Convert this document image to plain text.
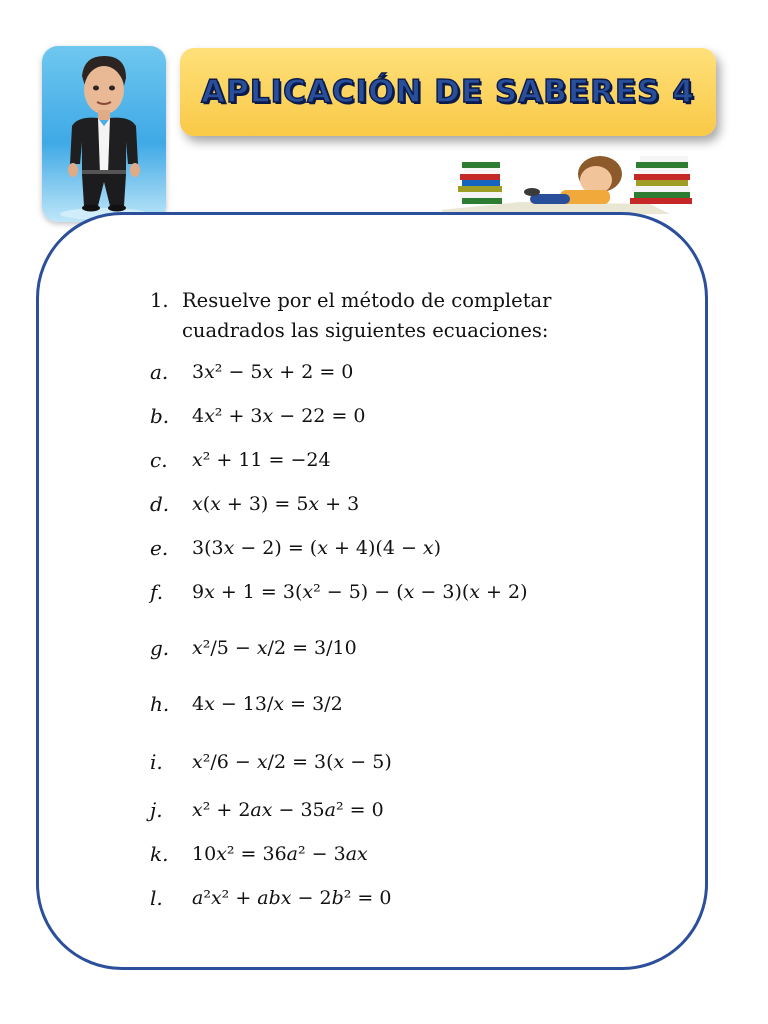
APLICACIÓN DE SABERES 4
1. Resuelve por el método de completar cuadrados las siguientes ecuaciones:
a.	3𝑥² − 5𝑥 + 2 = 0
b.	4𝑥² + 3𝑥 − 22 = 0
c.	𝑥² + 11 = −24
d.	𝑥(𝑥 + 3) = 5𝑥 + 3
e.	3(3𝑥 − 2) = (𝑥 + 4)(4 − 𝑥)
f.	9𝑥 + 1 = 3(𝑥² − 5) − (𝑥 − 3)(𝑥 + 2)
g.	𝑥²/5 − 𝑥/2 = 3/10
h.	4𝑥 − 13/𝑥 = 3/2
i.	𝑥²/6 − 𝑥/2 = 3(𝑥 − 5)
j.	𝑥² + 2𝑎𝑥 − 35𝑎² = 0
k.	10𝑥² = 36𝑎² − 3𝑎𝑥
l.	𝑎²𝑥² + 𝑎𝑏𝑥 − 2𝑏² = 0
